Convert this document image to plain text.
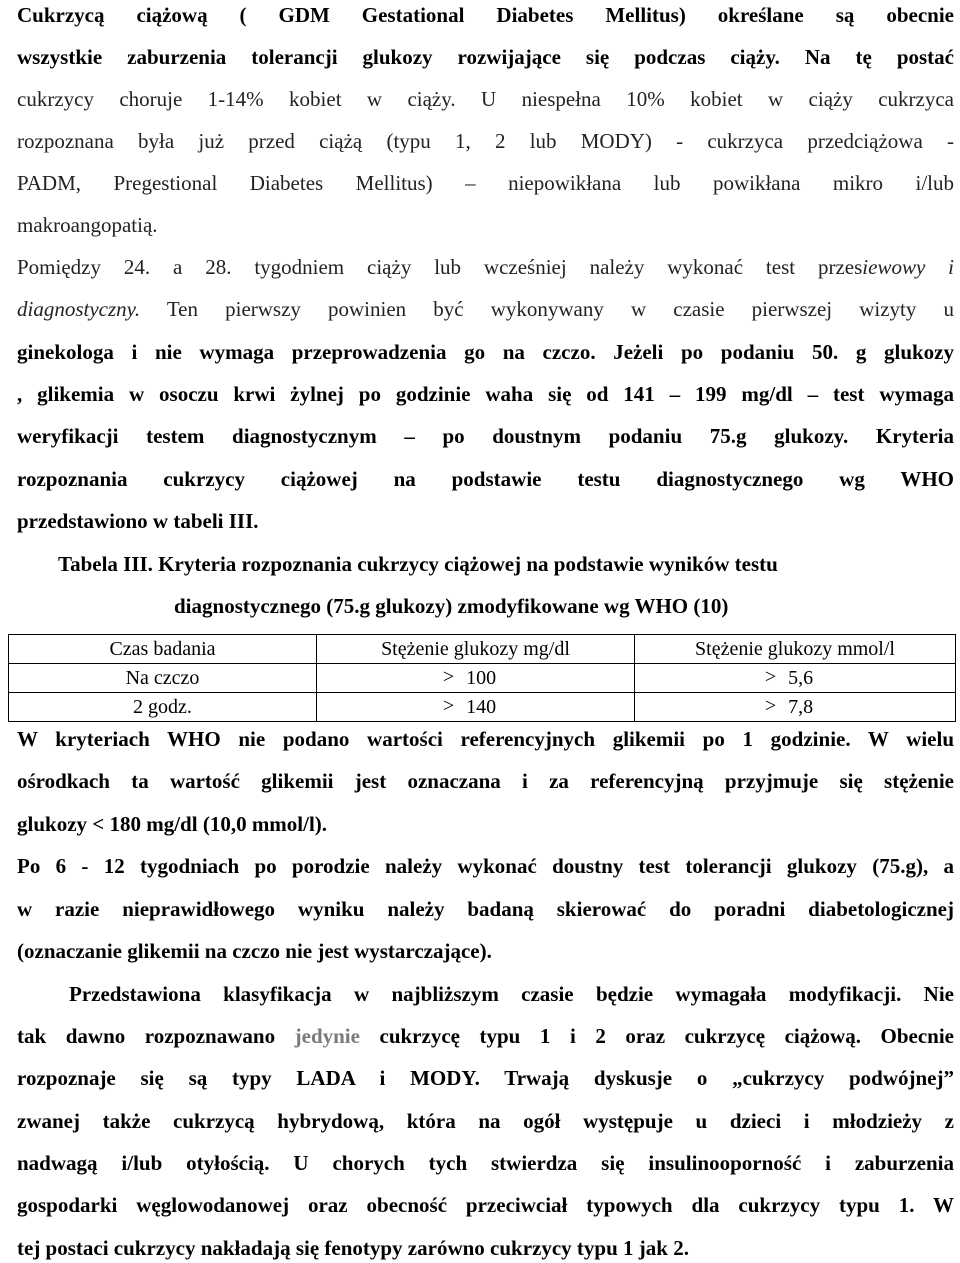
Cukrzycą ciążową ( GDM Gestational Diabetes Mellitus) określane są obecnie
wszystkie zaburzenia tolerancji glukozy rozwijające się podczas ciąży. Na tę postać
cukrzycy choruje 1-14% kobiet w ciąży. U niespełna 10% kobiet w ciąży cukrzyca
rozpoznana była już przed ciążą (typu 1, 2 lub MODY) - cukrzyca przedciążowa -
PADM, Pregestional Diabetes Mellitus) – niepowikłana lub powikłana mikro i/lub
makroangopatią.
Pomiędzy 24. a 28. tygodniem ciąży lub wcześniej należy wykonać test przesiewowy i
diagnostyczny. Ten pierwszy powinien być wykonywany w czasie pierwszej wizyty u
ginekologa i nie wymaga przeprowadzenia go na czczo. Jeżeli po podaniu 50. g glukozy
, glikemia w osoczu krwi żylnej po godzinie waha się od 141 – 199 mg/dl – test wymaga
weryfikacji testem diagnostycznym – po doustnym podaniu 75.g glukozy. Kryteria
rozpoznania cukrzycy ciążowej na podstawie testu diagnostycznego wg WHO
przedstawiono w tabeli III.
Tabela III. Kryteria rozpoznania cukrzycy ciążowej na podstawie wyników testu
diagnostycznego (75.g glukozy) zmodyfikowane wg WHO (10)
Czas badania	Stężenie glukozy mg/dl	Stężenie glukozy mmol/l
Na czczo	> 100	> 5,6
2 godz.	> 140	> 7,8
W kryteriach WHO nie podano wartości referencyjnych glikemii po 1 godzinie. W wielu
ośrodkach ta wartość glikemii jest oznaczana i za referencyjną przyjmuje się stężenie
glukozy < 180 mg/dl (10,0 mmol/l).
Po 6 - 12 tygodniach po porodzie należy wykonać doustny test tolerancji glukozy (75.g), a
w razie nieprawidłowego wyniku należy badaną skierować do poradni diabetologicznej
(oznaczanie glikemii na czczo nie jest wystarczające).
Przedstawiona klasyfikacja w najbliższym czasie będzie wymagała modyfikacji. Nie
tak dawno rozpoznawano jedynie cukrzycę typu 1 i 2 oraz cukrzycę ciążową. Obecnie
rozpoznaje się są typy LADA i MODY. Trwają dyskusje o „cukrzycy podwójnej”
zwanej także cukrzycą hybrydową, która na ogół występuje u dzieci i młodzieży z
nadwagą i/lub otyłością. U chorych tych stwierdza się insulinooporność i zaburzenia
gospodarki węglowodanowej oraz obecność przeciwciał typowych dla cukrzycy typu 1. W
tej postaci cukrzycy nakładają się fenotypy zarówno cukrzycy typu 1 jak 2.
